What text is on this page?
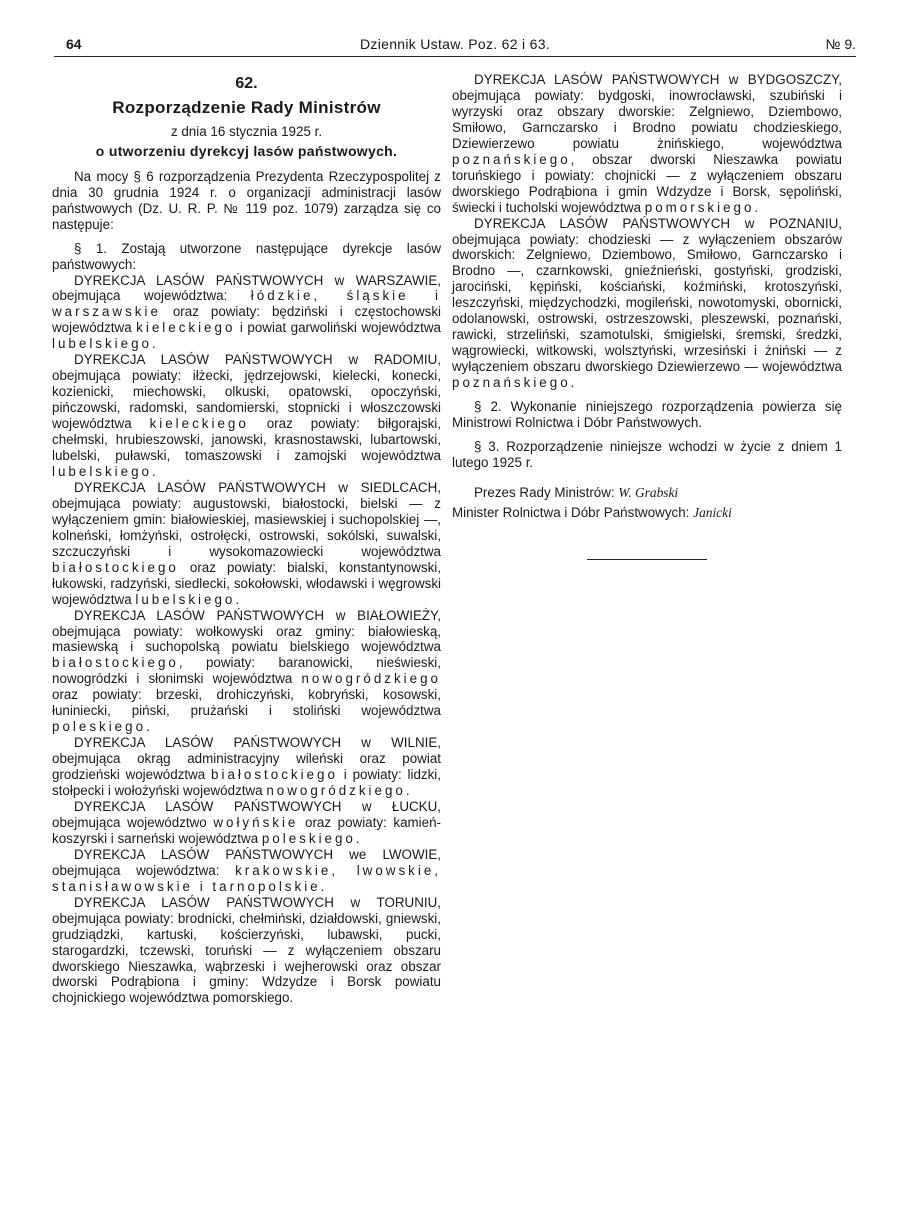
64	Dziennik Ustaw. Poz. 62 i 63.	№ 9.

62.

Rozporządzenie Rady Ministrów

z dnia 16 stycznia 1925 r.

o utworzeniu dyrekcyj lasów państwowych.

Na mocy § 6 rozporządzenia Prezydenta Rzeczypospolitej z dnia 30 grudnia 1924 r. o organizacji administracji lasów państwowych (Dz. U. R. P. № 119 poz. 1079) zarządza się co następuje:

§ 1. Zostają utworzone następujące dyrekcje lasów państwowych:

DYREKCJA LASÓW PAŃSTWOWYCH w WARSZAWIE, obejmująca województwa: łódzkie, śląskie i warszawskie oraz powiaty: będziński i częstochowski województwa kieleckiego i powiat garwoliński województwa lubelskiego.

DYREKCJA LASÓW PAŃSTWOWYCH w RADOMIU, obejmująca powiaty: iłżecki, jędrzejowski, kielecki, konecki, kozienicki, miechowski, olkuski, opatowski, opoczyński, pińczowski, radomski, sandomierski, stopnicki i włoszczowski województwa kieleckiego oraz powiaty: biłgorajski, chełmski, hrubieszowski, janowski, krasnostawski, lubartowski, lubelski, puławski, tomaszowski i zamojski województwa lubelskiego.

DYREKCJA LASÓW PAŃSTWOWYCH w SIEDLCACH, obejmująca powiaty: augustowski, białostocki, bielski — z wyłączeniem gmin: białowieskiej, masiewskiej i suchopolskiej —, kolneński, łomżyński, ostrołęcki, ostrowski, sokólski, suwalski, szczuczyński i wysokomazowiecki województwa białostockiego oraz powiaty: bialski, konstantynowski, łukowski, radzyński, siedlecki, sokołowski, włodawski i węgrowski województwa lubelskiego.

DYREKCJA LASÓW PAŃSTWOWYCH w BIAŁOWIEŻY, obejmująca powiaty: wołkowyski oraz gminy: białowieską, masiewską i suchopolską powiatu bielskiego województwa białostockiego, powiaty: baranowicki, nieświeski, nowogródzki i słonimski województwa nowogródzkiego oraz powiaty: brzeski, drohiczyński, kobryński, kosowski, łuniniecki, piński, prużański i stoliński województwa poleskiego.

DYREKCJA LASÓW PAŃSTWOWYCH w WILNIE, obejmująca okrąg administracyjny wileński oraz powiat grodzieński województwa białostockiego i powiaty: lidzki, stołpecki i wołożyński województwa nowogródzkiego.

DYREKCJA LASÓW PAŃSTWOWYCH w ŁUCKU, obejmująca województwo wołyńskie oraz powiaty: kamień-koszyrski i sarneński województwa poleskiego.

DYREKCJA LASÓW PAŃSTWOWYCH we LWOWIE, obejmująca województwa: krakowskie, lwowskie, stanisławowskie i tarnopolskie.

DYREKCJA LASÓW PAŃSTWOWYCH w TORUNIU, obejmująca powiaty: brodnicki, chełmiński, działdowski, gniewski, grudziądzki, kartuski, kościerzyński, lubawski, pucki, starogardzki, tczewski, toruński — z wyłączeniem obszaru dworskiego Nieszawka, wąbrzeski i wejherowski oraz obszar dworski Podrąbiona i gminy: Wdzydze i Borsk powiatu chojnickiego województwa pomorskiego.

DYREKCJA LASÓW PAŃSTWOWYCH w BYDGOSZCZY, obejmująca powiaty: bydgoski, inowrocławski, szubiński i wyrzyski oraz obszary dworskie: Zelgniewo, Dziembowo, Smiłowo, Garnczarsko i Brodno powiatu chodzieskiego, Dziewierzewo powiatu żnińskiego, województwa poznańskiego, obszar dworski Nieszawka powiatu toruńskiego i powiaty: chojnicki — z wyłączeniem obszaru dworskiego Podrąbiona i gmin Wdzydze i Borsk, sępoliński, świecki i tucholski województwa pomorskiego.

DYREKCJA LASÓW PAŃSTWOWYCH w POZNANIU, obejmująca powiaty: chodzieski — z wyłączeniem obszarów dworskich: Zelgniewo, Dziembowo, Smiłowo, Garnczarsko i Brodno —, czarnkowski, gnieźnieński, gostyński, grodziski, jarociński, kępiński, kościański, koźmiński, krotoszyński, leszczyński, międzychodzki, mogileński, nowotomyski, obornicki, odolanowski, ostrowski, ostrzeszowski, pleszewski, poznański, rawicki, strzeliński, szamotulski, śmigielski, śremski, średzki, wągrowiecki, witkowski, wolsztyński, wrzesiński i żniński — z wyłączeniem obszaru dworskiego Dziewierzewo — województwa poznańskiego.

§ 2. Wykonanie niniejszego rozporządzenia powierza się Ministrowi Rolnictwa i Dóbr Państwowych.

§ 3. Rozporządzenie niniejsze wchodzi w życie z dniem 1 lutego 1925 r.

Prezes Rady Ministrów: W. Grabski

Minister Rolnictwa i Dóbr Państwowych: Janicki
